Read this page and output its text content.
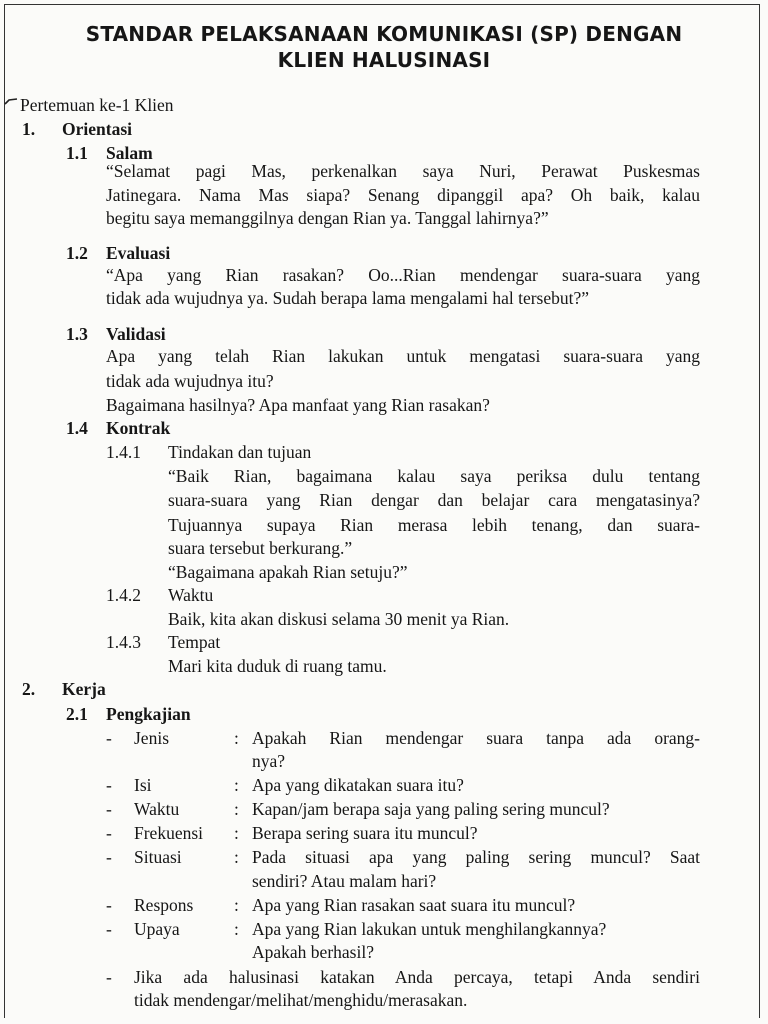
STANDAR PELAKSANAAN KOMUNIKASI (SP) DENGAN
KLIEN HALUSINASI
Pertemuan ke-1 Klien
1. Orientasi
1.1 Salam
“Selamat pagi Mas, perkenalkan saya Nuri, Perawat Puskesmas
Jatinegara. Nama Mas siapa? Senang dipanggil apa? Oh baik, kalau
begitu saya memanggilnya dengan Rian ya. Tanggal lahirnya?”
1.2 Evaluasi
“Apa yang Rian rasakan? Oo...Rian mendengar suara-suara yang
tidak ada wujudnya ya. Sudah berapa lama mengalami hal tersebut?”
1.3 Validasi
Apa yang telah Rian lakukan untuk mengatasi suara-suara yang
tidak ada wujudnya itu?
Bagaimana hasilnya? Apa manfaat yang Rian rasakan?
1.4 Kontrak
1.4.1 Tindakan dan tujuan
“Baik Rian, bagaimana kalau saya periksa dulu tentang
suara-suara yang Rian dengar dan belajar cara mengatasinya?
Tujuannya supaya Rian merasa lebih tenang, dan suara-
suara tersebut berkurang.”
“Bagaimana apakah Rian setuju?”
1.4.2 Waktu
Baik, kita akan diskusi selama 30 menit ya Rian.
1.4.3 Tempat
Mari kita duduk di ruang tamu.
2. Kerja
2.1 Pengkajian
- Jenis	: Apakah Rian mendengar suara tanpa ada orang-
nya?
- Isi	: Apa yang dikatakan suara itu?
- Waktu	: Kapan/jam berapa saja yang paling sering muncul?
- Frekuensi : Berapa sering suara itu muncul?
- Situasi	: Pada situasi apa yang paling sering muncul? Saat
sendiri? Atau malam hari?
- Respons : Apa yang Rian rasakan saat suara itu muncul?
- Upaya	: Apa yang Rian lakukan untuk menghilangkannya?
Apakah berhasil?
- Jika ada halusinasi katakan Anda percaya, tetapi Anda sendiri
tidak mendengar/melihat/menghidu/merasakan.
